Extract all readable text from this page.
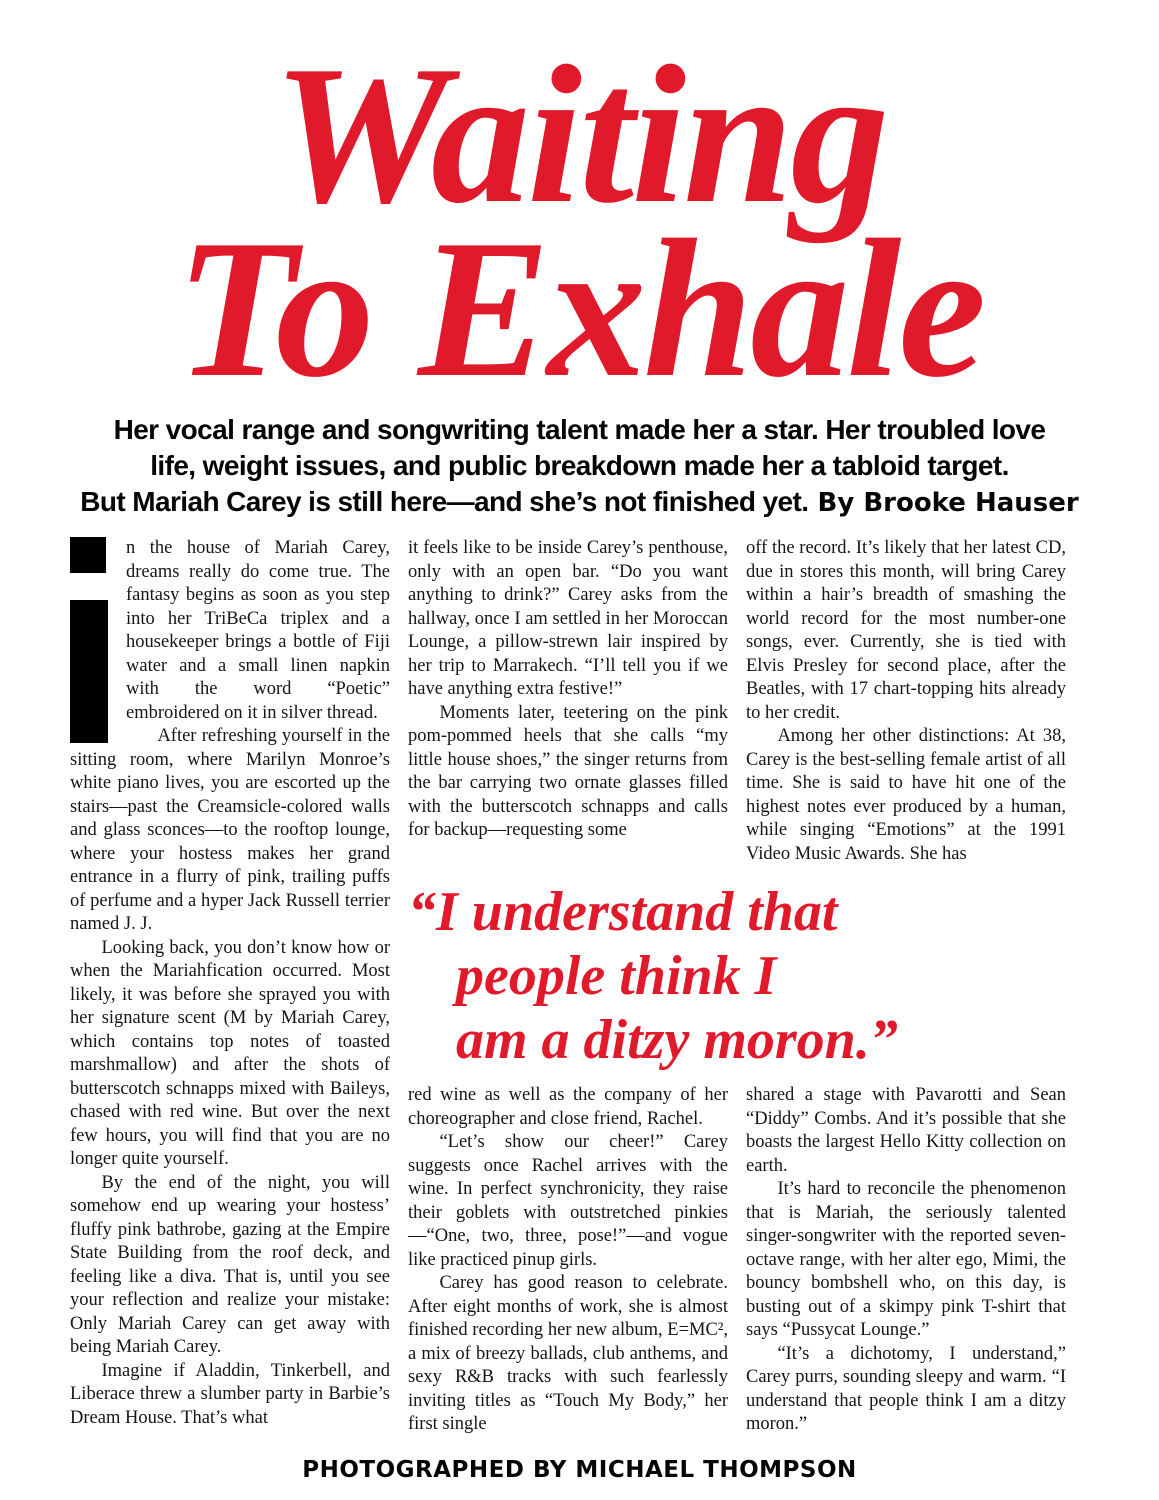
Waiting
To Exhale
Her vocal range and songwriting talent made her a star. Her troubled love
life, weight issues, and public breakdown made her a tabloid target.
But Mariah Carey is still here—and she’s not finished yet. By Brooke Hauser

n the house of Mariah Carey, dreams really do come true. The fantasy begins as soon as you step into her TriBeCa triplex and a housekeeper brings a bottle of Fiji water and a small linen napkin with the word “Poetic” embroidered on it in silver thread.

After refreshing yourself in the sitting room, where Marilyn Monroe’s white piano lives, you are escorted up the stairs—past the Creamsicle-colored walls and glass sconces—to the rooftop lounge, where your hostess makes her grand entrance in a flurry of pink, trailing puffs of perfume and a hyper Jack Russell terrier named J. J.

Looking back, you don’t know how or when the Mariahfication occurred. Most likely, it was before she sprayed you with her signature scent (M by Mariah Carey, which contains top notes of toasted marshmallow) and after the shots of butterscotch schnapps mixed with Baileys, chased with red wine. But over the next few hours, you will find that you are no longer quite yourself.

By the end of the night, you will somehow end up wearing your hostess’ fluffy pink bathrobe, gazing at the Empire State Building from the roof deck, and feeling like a diva. That is, until you see your reflection and realize your mistake: Only Mariah Carey can get away with being Mariah Carey.

Imagine if Aladdin, Tinkerbell, and Liberace threw a slumber party in Barbie’s Dream House. That’s what

it feels like to be inside Carey’s penthouse, only with an open bar. “Do you want anything to drink?” Carey asks from the hallway, once I am settled in her Moroccan Lounge, a pillow-strewn lair inspired by her trip to Marrakech. “I’ll tell you if we have anything extra festive!”

Moments later, teetering on the pink pom-pommed heels that she calls “my little house shoes,” the singer returns from the bar carrying two ornate glasses filled with the butterscotch schnapps and calls for backup—requesting some

off the record. It’s likely that her latest CD, due in stores this month, will bring Carey within a hair’s breadth of smashing the world record for the most number-one songs, ever. Currently, she is tied with Elvis Presley for second place, after the Beatles, with 17 chart-topping hits already to her credit.

Among her other distinctions: At 38, Carey is the best-selling female artist of all time. She is said to have hit one of the highest notes ever produced by a human, while singing “Emotions” at the 1991 Video Music Awards. She has

“I understand that
people think I
am a ditzy moron.”

red wine as well as the company of her choreographer and close friend, Rachel.

“Let’s show our cheer!” Carey suggests once Rachel arrives with the wine. In perfect synchronicity, they raise their goblets with outstretched pinkies—“One, two, three, pose!”—and vogue like practiced pinup girls.

Carey has good reason to celebrate. After eight months of work, she is almost finished recording her new album, E=MC², a mix of breezy ballads, club anthems, and sexy R&B tracks with such fearlessly inviting titles as “Touch My Body,” her first single

shared a stage with Pavarotti and Sean “Diddy” Combs. And it’s possible that she boasts the largest Hello Kitty collection on earth.

It’s hard to reconcile the phenomenon that is Mariah, the seriously talented singer-songwriter with the reported seven-octave range, with her alter ego, Mimi, the bouncy bombshell who, on this day, is busting out of a skimpy pink T-shirt that says “Pussycat Lounge.”

“It’s a dichotomy, I understand,” Carey purrs, sounding sleepy and warm. “I understand that people think I am a ditzy moron.”

PHOTOGRAPHED BY MICHAEL THOMPSON
